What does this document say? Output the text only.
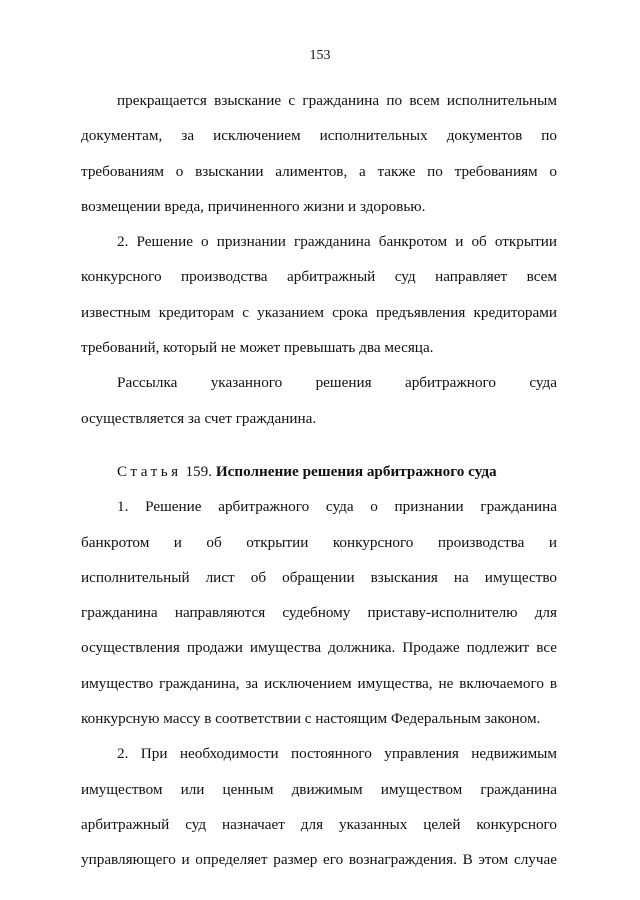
153
прекращается взыскание с гражданина по всем исполнительным
документам, за исключением исполнительных документов по
требованиям о взыскании алиментов, а также по требованиям о
возмещении вреда, причиненного жизни и здоровью.
2. Решение о признании гражданина банкротом и об открытии
конкурсного производства арбитражный суд направляет всем
известным кредиторам с указанием срока предъявления кредиторами
требований, который не может превышать два месяца.
Рассылка указанного решения арбитражного суда
осуществляется за счет гражданина.
Статья 159. Исполнение решения арбитражного суда
1. Решение арбитражного суда о признании гражданина
банкротом и об открытии конкурсного производства и
исполнительный лист об обращении взыскания на имущество
гражданина направляются судебному приставу-исполнителю для
осуществления продажи имущества должника. Продаже подлежит все
имущество гражданина, за исключением имущества, не включаемого в
конкурсную массу в соответствии с настоящим Федеральным законом.
2. При необходимости постоянного управления недвижимым
имуществом или ценным движимым имуществом гражданина
арбитражный суд назначает для указанных целей конкурсного
управляющего и определяет размер его вознаграждения. В этом случае
